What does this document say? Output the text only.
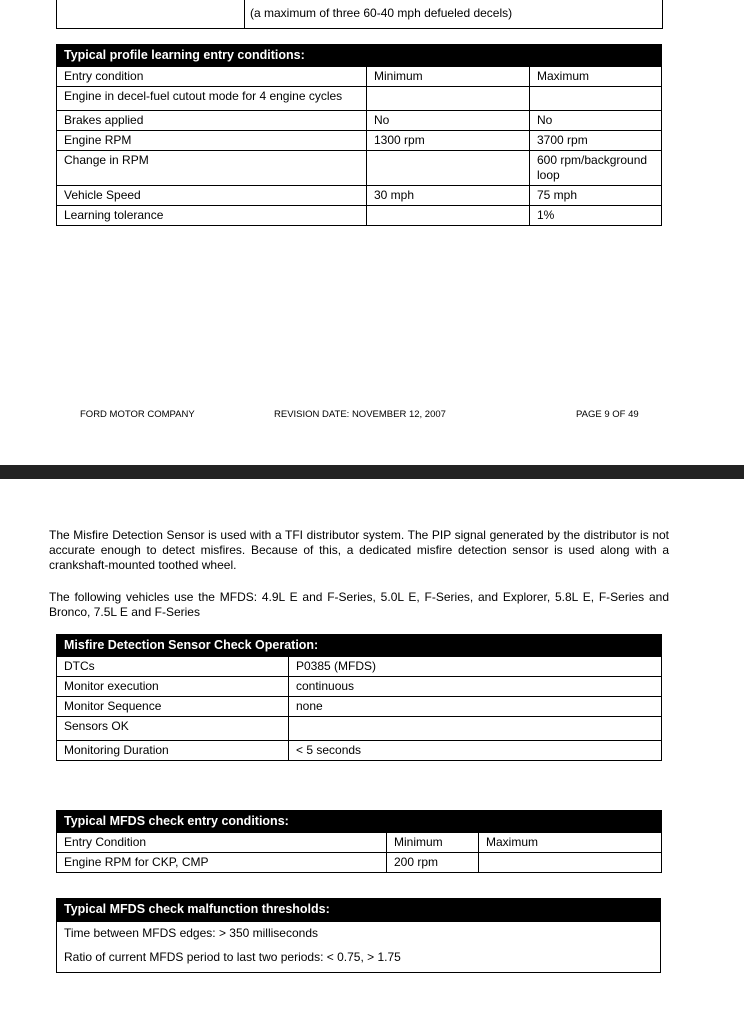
(a maximum of three 60-40 mph defueled decels)
Typical profile learning entry conditions:		
Entry condition	Minimum	Maximum
Engine in decel-fuel cutout mode for 4 engine cycles		
Brakes applied	No	No
Engine RPM	1300 rpm	3700 rpm
Change in RPM		600 rpm/background loop
Vehicle Speed	30 mph	75 mph
Learning tolerance		1%
FORD MOTOR COMPANY	REVISION DATE: NOVEMBER 12, 2007	PAGE 9 OF 49
The Misfire Detection Sensor is used with a TFI distributor system. The PIP signal generated by the distributor is not accurate enough to detect misfires. Because of this, a dedicated misfire detection sensor is used along with a crankshaft-mounted toothed wheel.
The following vehicles use the MFDS: 4.9L E and F-Series, 5.0L E, F-Series, and Explorer, 5.8L E, F-Series and Bronco, 7.5L E and F-Series
Misfire Detection Sensor Check Operation:	
DTCs	P0385 (MFDS)
Monitor execution	continuous
Monitor Sequence	none
Sensors OK	
Monitoring Duration	< 5 seconds
Typical MFDS check entry conditions:		
Entry Condition	Minimum	Maximum
Engine RPM for CKP, CMP	200 rpm	
Typical MFDS check malfunction thresholds:
Time between MFDS edges: > 350 milliseconds
Ratio of current MFDS period to last two periods: < 0.75, > 1.75
